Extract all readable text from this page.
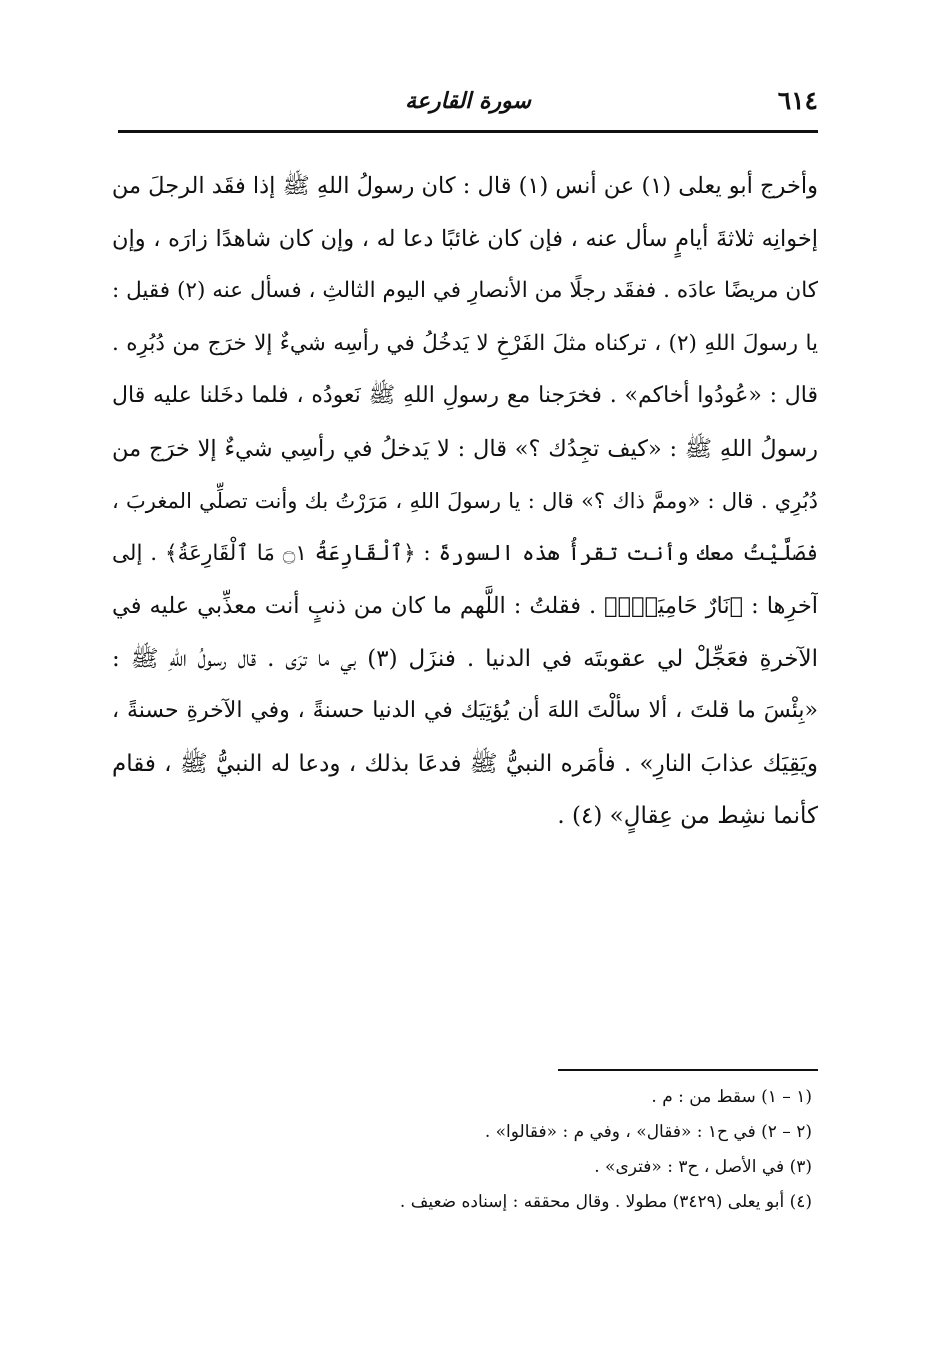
٦١٤
سورة القارعة
وأخرج أبو يعلى (١) عن أنس (١) قال : كان رسولُ اللهِ ﷺ إذا فقَد الرجلَ من
إخوانِه ثلاثةَ أيامٍ سأل عنه ، فإن كان غائبًا دعا له ، وإن كان شاهدًا زارَه ، وإن
كان مريضًا عادَه . ففقَد رجلًا من الأنصارِ في اليوم الثالثِ ، فسأل عنه (٢) فقيل :
يا رسولَ اللهِ (٢) ، تركناه مثلَ الفَرْخِ لا يَدخُلُ في رأسِه شيءٌ إلا خرَج من دُبُرِه .
قال : «عُودُوا أخاكم» . فخرَجنا مع رسولِ اللهِ ﷺ نَعودُه ، فلما دخَلنا عليه قال
رسولُ اللهِ ﷺ : «كيف تجِدُك ؟» قال : لا يَدخلُ في رأسِي شيءٌ إلا خرَج من
دُبُرِي . قال : «وممَّ ذاك ؟» قال : يا رسولَ اللهِ ، مَرَرْتُ بك وأنت تصلِّي المغربَ ،
فصَلَّيْتُ معك وأنت تقرأُ هذه السورةَ : ﴿ٱلْقَارِعَةُ ۝١ مَا ٱلْقَارِعَةُ﴾ . إلى
آخرِها : ﴿نَارٌ حَامِيَةٌۢ﴾ . فقلتُ : اللَّهم ما كان من ذنبٍ أنت معذِّبي عليه في
الآخرةِ فعَجِّلْ لي عقوبتَه في الدنيا . فنزَل (٣) بي ما ترَى . قال رسولُ اللهِ ﷺ :
«بِئْسَ ما قلتَ ، ألا سألْتَ اللهَ أن يُؤتِيَك في الدنيا حسنةً ، وفي الآخرةِ حسنةً ،
ويَقِيَك عذابَ النارِ» . فأمَره النبيُّ ﷺ فدعَا بذلك ، ودعا له النبيُّ ﷺ ، فقام
كأنما نشِط من عِقالٍ» (٤) .
(١ – ١) سقط من : م .
(٢ – ٢) في ح١ : «فقال» ، وفي م : «فقالوا» .
(٣) في الأصل ، ح٣ : «فترى» .
(٤) أبو يعلى (٣٤٢٩) مطولا . وقال محققه : إسناده ضعيف .
